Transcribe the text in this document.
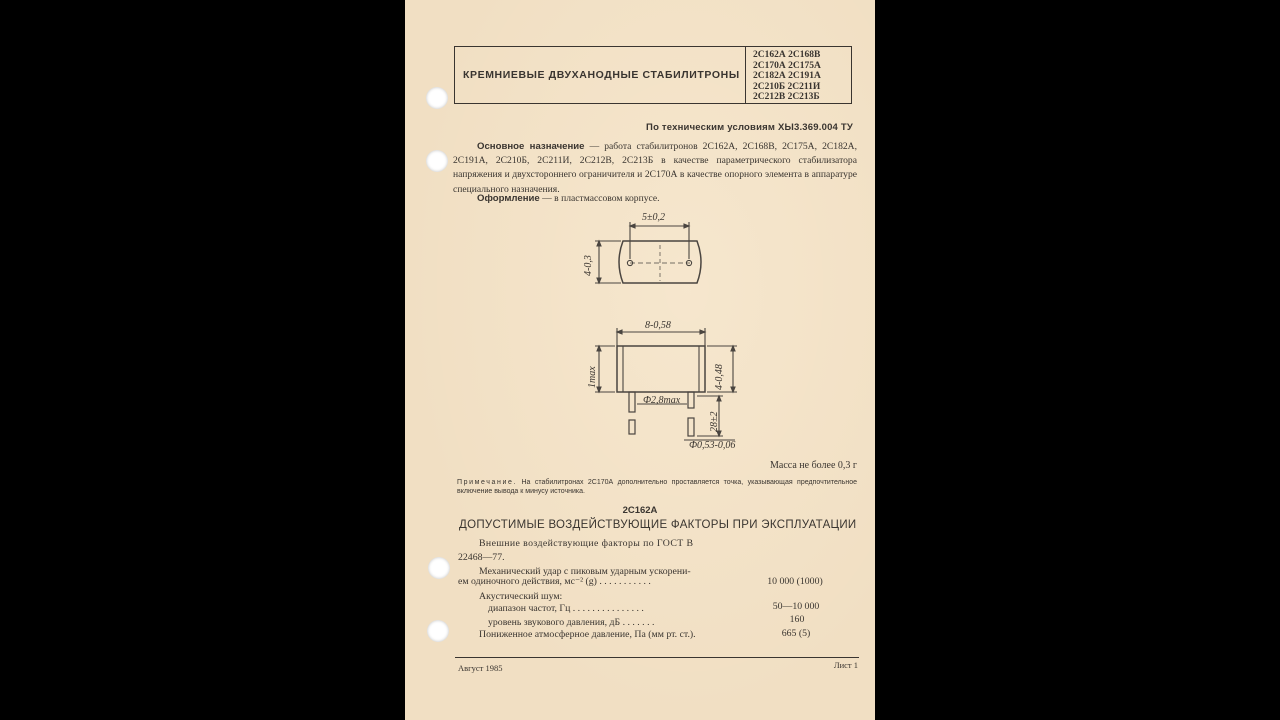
КРЕМНИЕВЫЕ ДВУХАНОДНЫЕ СТАБИЛИТРОНЫ
2С162А 2С168В
2С170А 2С175А
2С182А 2С191А
2С210Б 2С211И
2С212В 2С213Б
По техническим условиям ХЫ3.369.004 ТУ
Основное назначение — работа стабилитронов 2С162А, 2С168В, 2С175А, 2С182А, 2С191А, 2С210Б, 2С211И, 2С212В, 2С213Б в качестве параметрического стабилизатора напряжения и двухстороннего ограничителя и 2С170А в качестве опорного элемента в аппаратуре специального назначения.
Оформление — в пластмассовом корпусе.
5±0,2
4-0,3
8-0,58
1max	4-0,48
Ф2,8max
28±2
Ф0,53-0,06
Масса не более 0,3 г
Примечание. На стабилитронах 2С170А дополнительно проставляется точка, указывающая предпочтительное включение вывода к минусу источника.
2С162А
ДОПУСТИМЫЕ ВОЗДЕЙСТВУЮЩИЕ ФАКТОРЫ ПРИ ЭКСПЛУАТАЦИИ
Внешние воздействующие факторы по ГОСТ В
22468—77.
Механический удар с пиковым ударным ускорени-
ем одиночного действия, мс⁻² (g) . . . . . . . . . . .	10 000 (1000)
Акустический шум:
диапазон частот, Гц . . . . . . . . . . . . . . .	50—10 000
уровень звукового давления, дБ . . . . . . .	160
Пониженное атмосферное давление, Па (мм рт. ст.).	665 (5)
Август 1985	Лист 1
